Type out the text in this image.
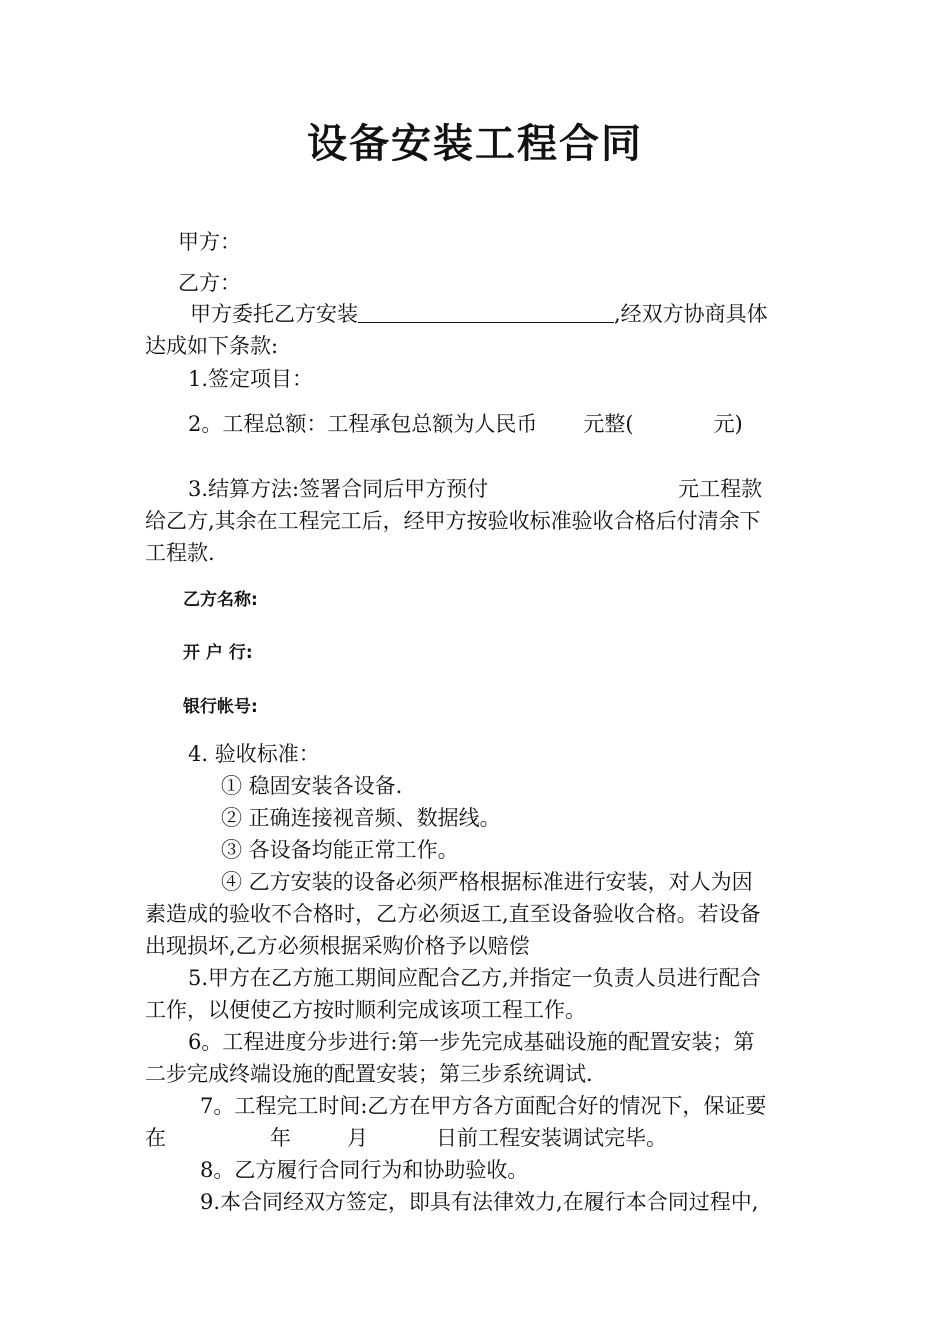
设备安装工程合同
甲方：
乙方：
甲方委托乙方安装	,经双方协商具体
达成如下条款:
1.签定项目：
2。工程总额：工程承包总额为人民币 元整(	元)
3.结算方法:签署合同后甲方预付	元工程款
给乙方,其余在工程完工后，经甲方按验收标准验收合格后付清余下
工程款.
乙方名称:
开 户 行:
银行帐号:
4. 验收标准：
① 稳固安装各设备.
② 正确连接视音频、数据线。
③ 各设备均能正常工作。
④ 乙方安装的设备必须严格根据标准进行安装，对人为因
素造成的验收不合格时，乙方必须返工,直至设备验收合格。若设备
出现损坏,乙方必须根据采购价格予以赔偿
5.甲方在乙方施工期间应配合乙方,并指定一负责人员进行配合
工作，以便使乙方按时顺利完成该项工程工作。
6。工程进度分步进行:第一步先完成基础设施的配置安装；第
二步完成终端设施的配置安装；第三步系统调试.
7。工程完工时间:乙方在甲方各方面配合好的情况下，保证要
在	年	月	日前工程安装调试完毕。
8。乙方履行合同行为和协助验收。
9.本合同经双方签定，即具有法律效力,在履行本合同过程中,
